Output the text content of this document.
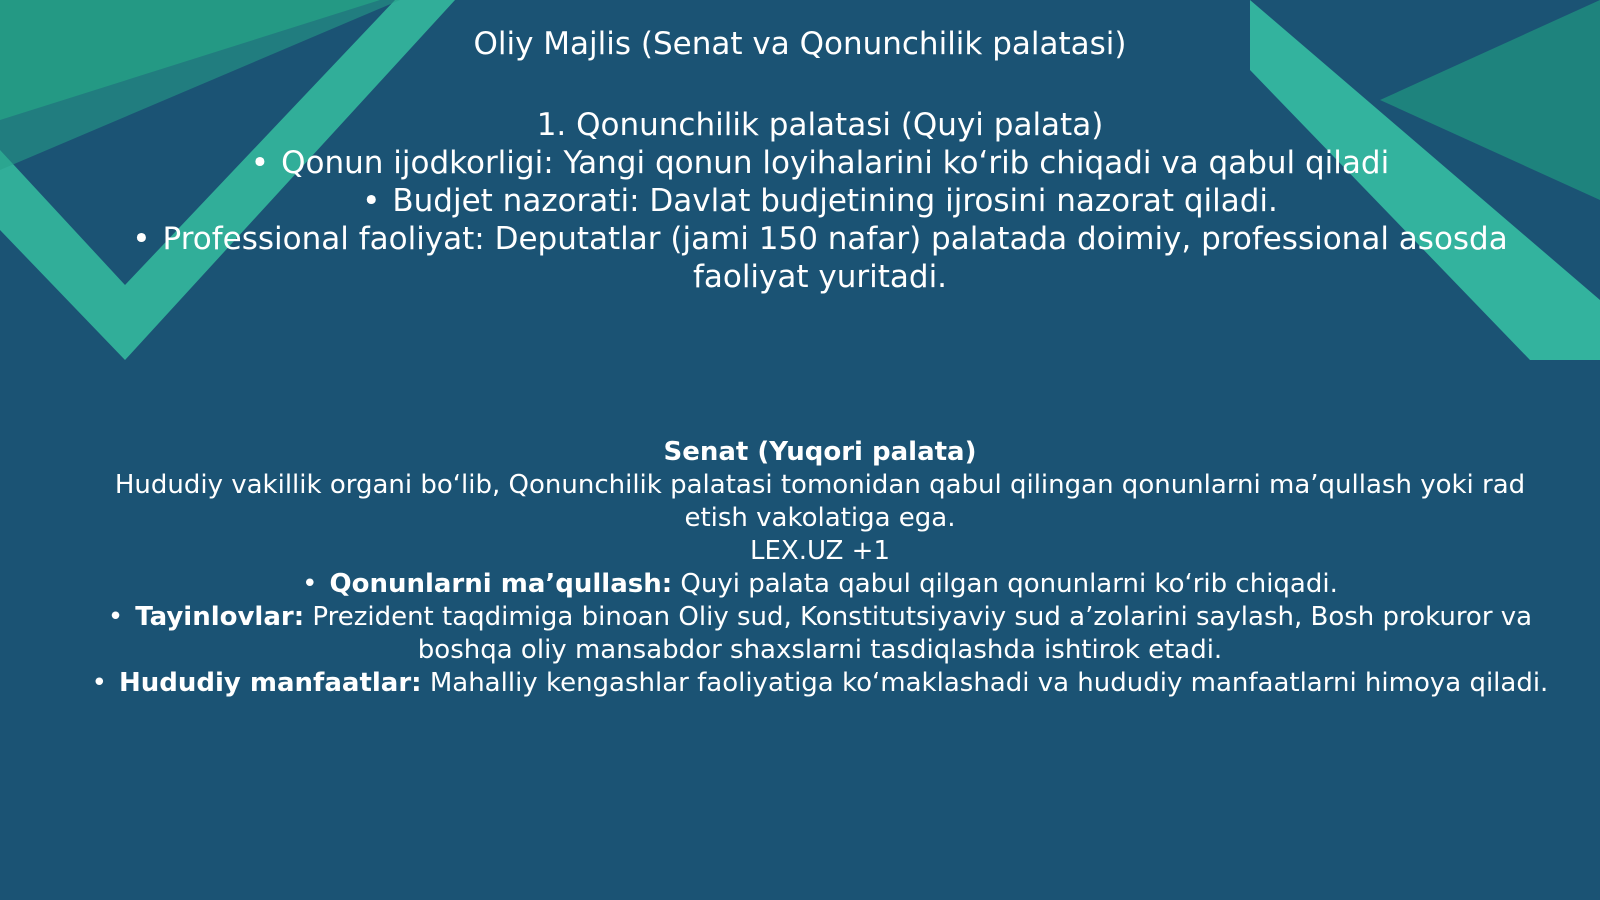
Oliy Majlis (Senat va Qonunchilik palatasi)
1. Qonunchilik palatasi (Quyi palata)
• Qonun ijodkorligi: Yangi qonun loyihalarini ko‘rib chiqadi va qabul qiladi
• Budjet nazorati: Davlat budjetining ijrosini nazorat qiladi.
• Professional faoliyat: Deputatlar (jami 150 nafar) palatada doimiy, professional asosda faoliyat yuritadi.
Senat (Yuqori palata)
Hududiy vakillik organi bo‘lib, Qonunchilik palatasi tomonidan qabul qilingan qonunlarni ma’qullash yoki rad etish vakolatiga ega.
LEX.UZ +1
• Qonunlarni ma’qullash: Quyi palata qabul qilgan qonunlarni ko‘rib chiqadi.
• Tayinlovlar: Prezident taqdimiga binoan Oliy sud, Konstitutsiyaviy sud a’zolarini saylash, Bosh prokuror va boshqa oliy mansabdor shaxslarni tasdiqlashda ishtirok etadi.
• Hududiy manfaatlar: Mahalliy kengashlar faoliyatiga ko‘maklashadi va hududiy manfaatlarni himoya qiladi.
